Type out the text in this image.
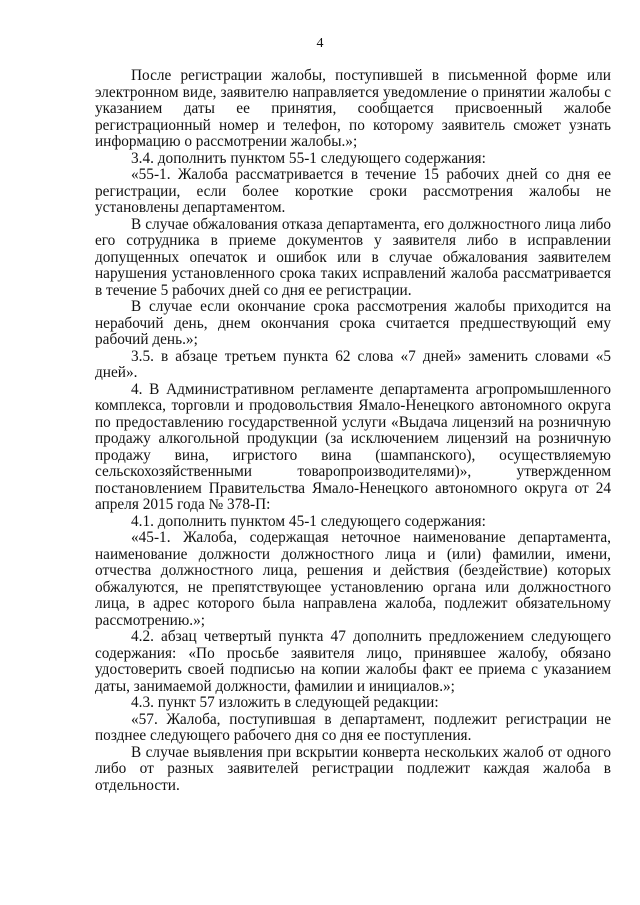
4

После регистрации жалобы, поступившей в письменной форме или электронном виде, заявителю направляется уведомление о принятии жалобы с указанием даты ее принятия, сообщается присвоенный жалобе регистрационный номер и телефон, по которому заявитель сможет узнать информацию о рассмотрении жалобы.»;

3.4. дополнить пунктом 55-1 следующего содержания:

«55-1. Жалоба рассматривается в течение 15 рабочих дней со дня ее регистрации, если более короткие сроки рассмотрения жалобы не установлены департаментом.

В случае обжалования отказа департамента, его должностного лица либо его сотрудника в приеме документов у заявителя либо в исправлении допущенных опечаток и ошибок или в случае обжалования заявителем нарушения установленного срока таких исправлений жалоба рассматривается в течение 5 рабочих дней со дня ее регистрации.

В случае если окончание срока рассмотрения жалобы приходится на нерабочий день, днем окончания срока считается предшествующий ему рабочий день.»;

3.5. в абзаце третьем пункта 62 слова «7 дней» заменить словами «5 дней».

4. В Административном регламенте департамента агропромышленного комплекса, торговли и продовольствия Ямало-Ненецкого автономного округа по предоставлению государственной услуги «Выдача лицензий на розничную продажу алкогольной продукции (за исключением лицензий на розничную продажу вина, игристого вина (шампанского), осуществляемую сельскохозяйственными товаропроизводителями)», утвержденном постановлением Правительства Ямало-Ненецкого автономного округа от 24 апреля 2015 года № 378-П:

4.1. дополнить пунктом 45-1 следующего содержания:

«45-1. Жалоба, содержащая неточное наименование департамента, наименование должности должностного лица и (или) фамилии, имени, отчества должностного лица, решения и действия (бездействие) которых обжалуются, не препятствующее установлению органа или должностного лица, в адрес которого была направлена жалоба, подлежит обязательному рассмотрению.»;

4.2. абзац четвертый пункта 47 дополнить предложением следующего содержания: «По просьбе заявителя лицо, принявшее жалобу, обязано удостоверить своей подписью на копии жалобы факт ее приема с указанием даты, занимаемой должности, фамилии и инициалов.»;

4.3. пункт 57 изложить в следующей редакции:

«57. Жалоба, поступившая в департамент, подлежит регистрации не позднее следующего рабочего дня со дня ее поступления.

В случае выявления при вскрытии конверта нескольких жалоб от одного либо от разных заявителей регистрации подлежит каждая жалоба в отдельности.
